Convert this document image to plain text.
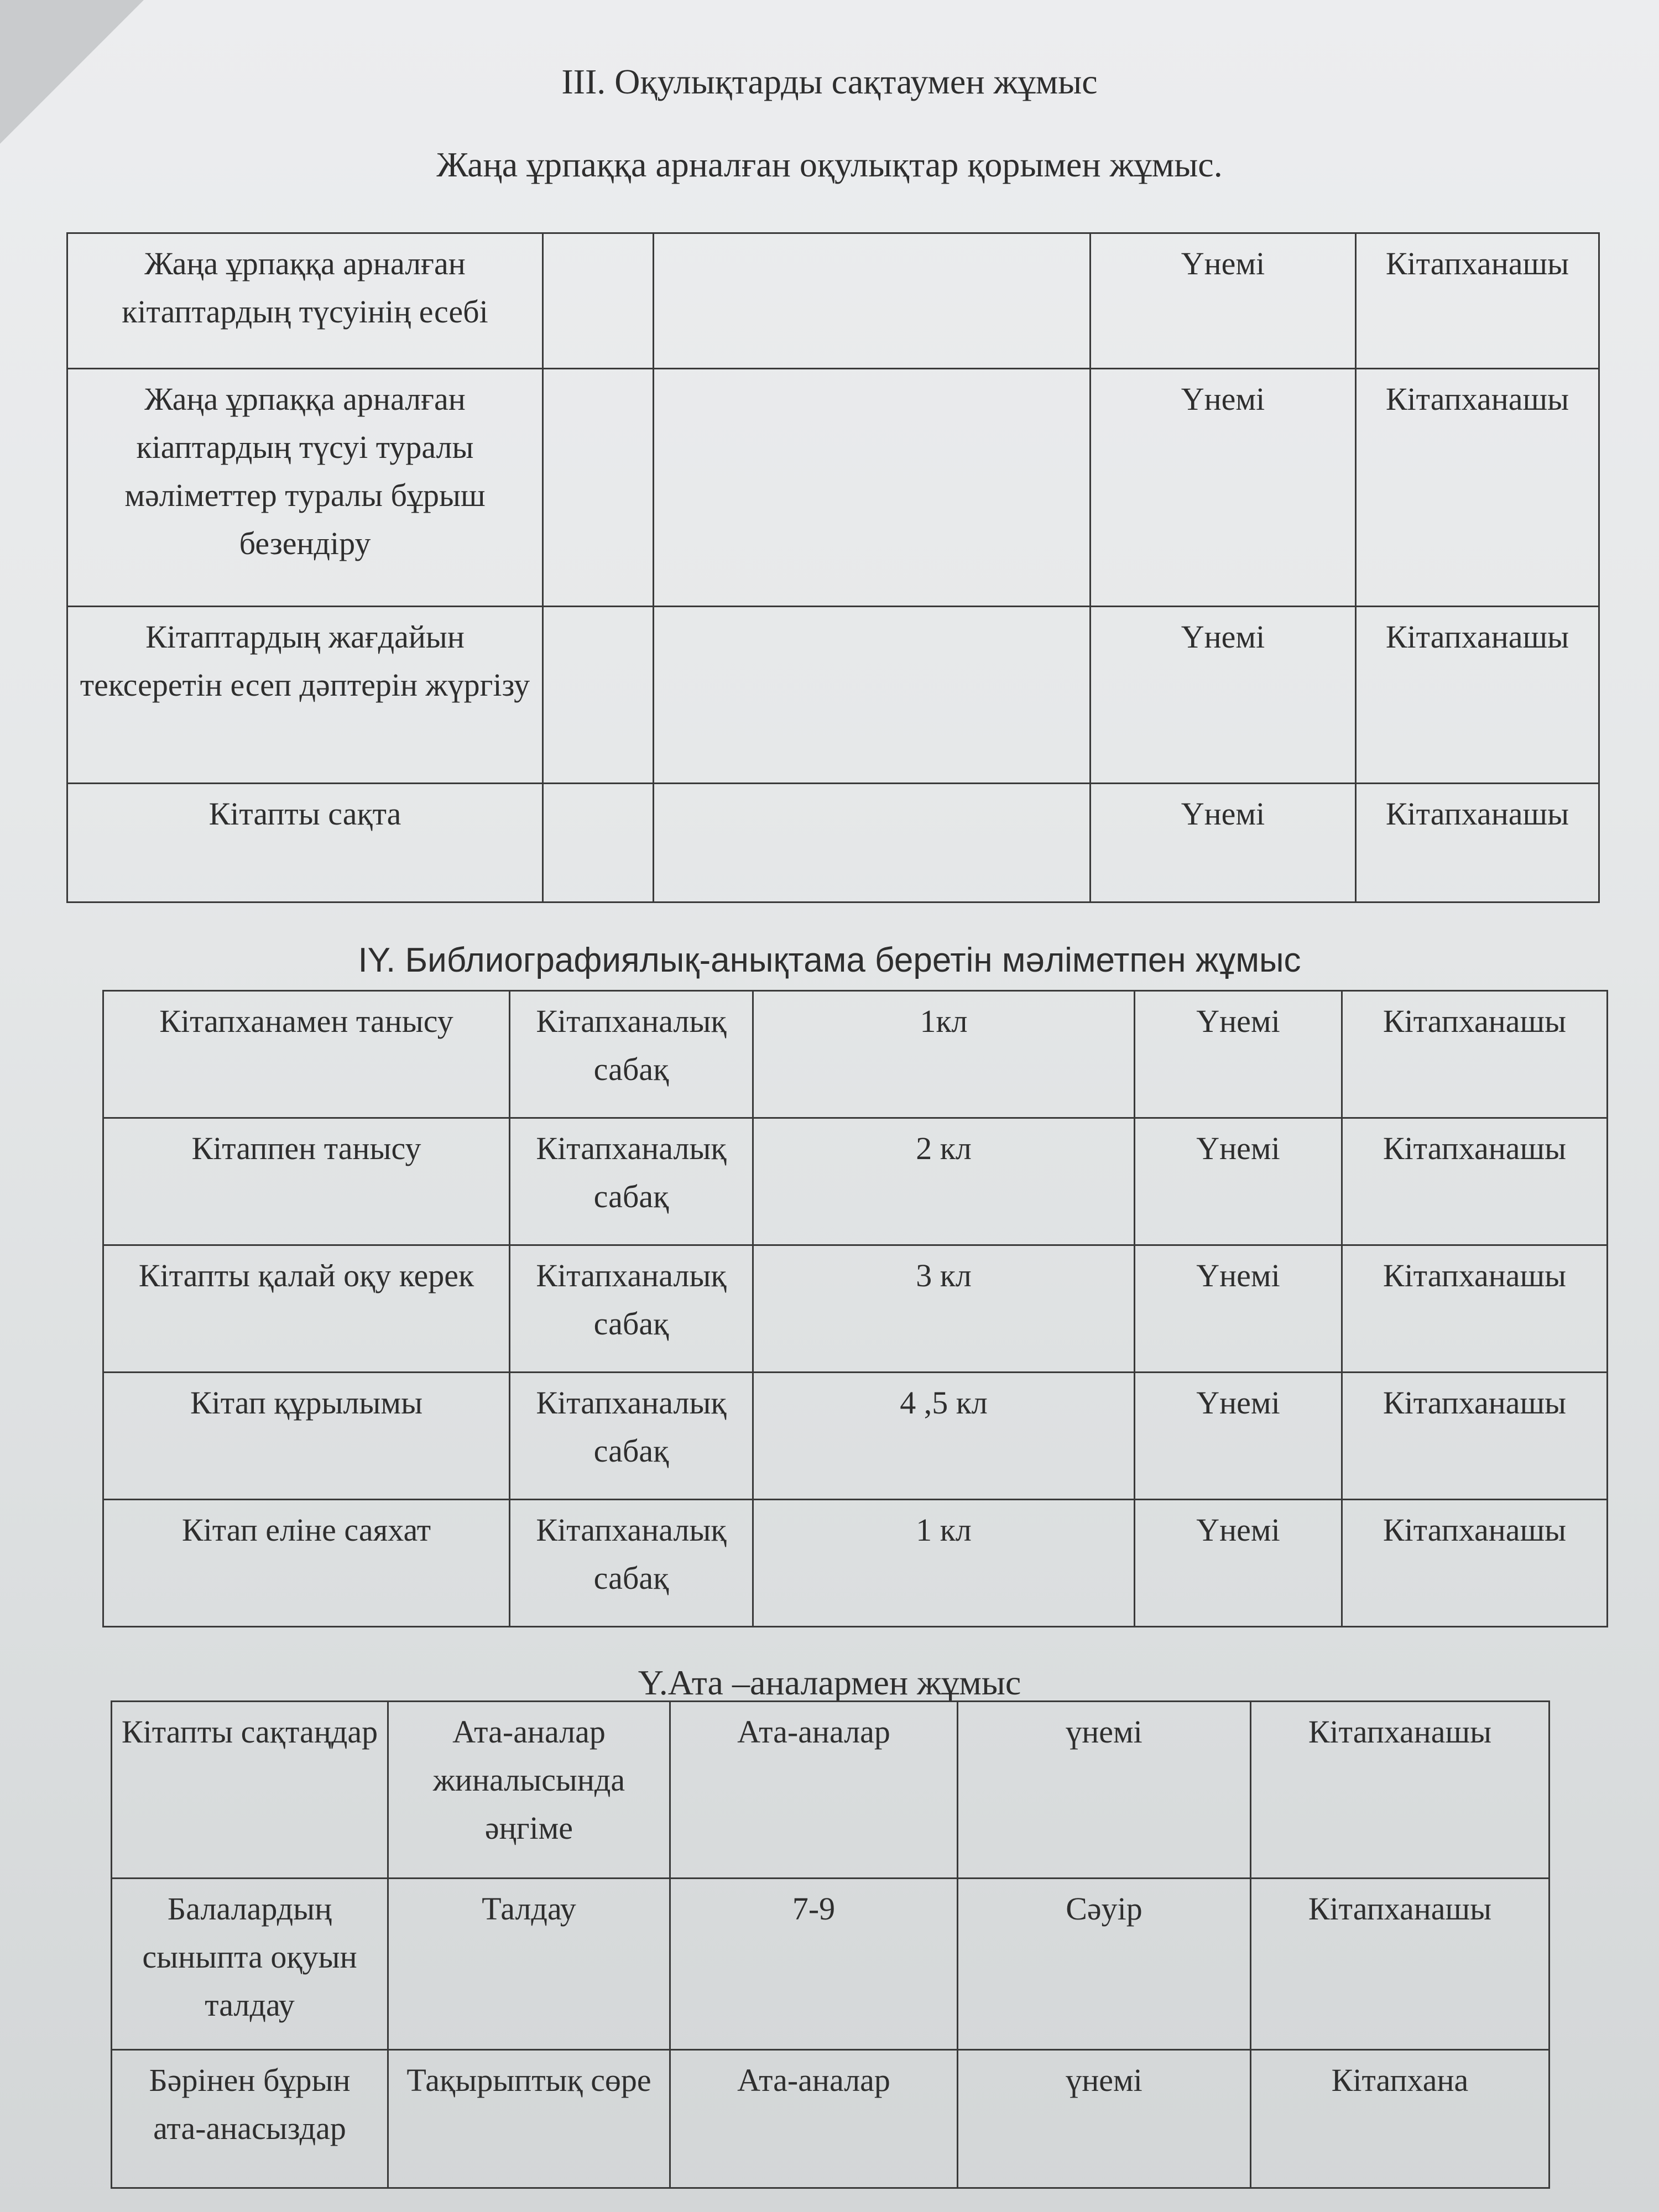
III. Оқулықтарды сақтаумен жұмыс
Жаңа ұрпаққа арналған оқулықтар қорымен жұмыс.
Жаңа ұрпаққа арналған кітаптардың түсуінің есебі			Үнемі	Кітапханашы
Жаңа ұрпаққа арналған кіаптардың түсуі туралы мәліметтер туралы бұрыш безендіру			Үнемі	Кітапханашы
Кітаптардың жағдайын тексеретін есеп дәптерін жүргізу			Үнемі	Кітапханашы
Кітапты сақта			Үнемі	Кітапханашы
IY. Библиографиялық-анықтама беретін мәліметпен жұмыс
Кітапханамен танысу	Кітапханалық сабақ	1кл	Үнемі	Кітапханашы
Кітаппен танысу	Кітапханалық сабақ	2 кл	Үнемі	Кітапханашы
Кітапты қалай оқу керек	Кітапханалық сабақ	3 кл	Үнемі	Кітапханашы
Кітап құрылымы	Кітапханалық сабақ	4 ,5 кл	Үнемі	Кітапханашы
Кітап еліне саяхат	Кітапханалық сабақ	1 кл	Үнемі	Кітапханашы
Y.Ата –аналармен жұмыс
Кітапты сақтаңдар	Ата-аналар жиналысында әңгіме	Ата-аналар	үнемі	Кітапханашы
Балалардың сыныпта оқуын талдау	Талдау	7-9	Сәуір	Кітапханашы
Бәрінен бұрын ата-анасыздар	Тақырыптық сөре	Ата-аналар	үнемі	Кітапхана
